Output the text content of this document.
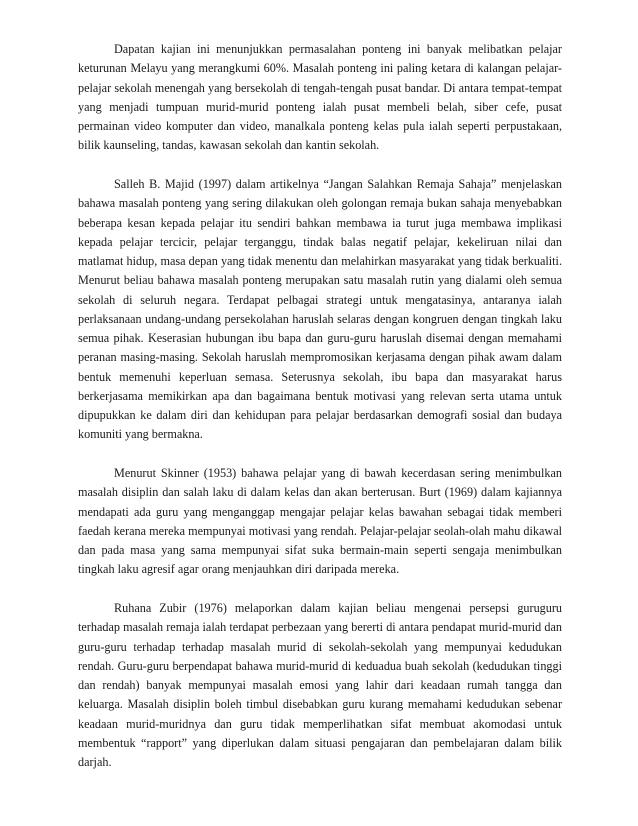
Dapatan kajian ini menunjukkan permasalahan ponteng ini banyak melibatkan pelajar keturunan Melayu yang merangkumi 60%. Masalah ponteng ini paling ketara di kalangan pelajar-pelajar sekolah menengah yang bersekolah di tengah-tengah pusat bandar. Di antara tempat-tempat yang menjadi tumpuan murid-murid ponteng ialah pusat membeli belah, siber cefe, pusat permainan video komputer dan video, manalkala ponteng kelas pula ialah seperti perpustakaan, bilik kaunseling, tandas, kawasan sekolah dan kantin sekolah.

Salleh B. Majid (1997) dalam artikelnya “Jangan Salahkan Remaja Sahaja” menjelaskan bahawa masalah ponteng yang sering dilakukan oleh golongan remaja bukan sahaja menyebabkan beberapa kesan kepada pelajar itu sendiri bahkan membawa ia turut juga membawa implikasi kepada pelajar tercicir, pelajar terganggu, tindak balas negatif pelajar, kekeliruan nilai dan matlamat hidup, masa depan yang tidak menentu dan melahirkan masyarakat yang tidak berkualiti. Menurut beliau bahawa masalah ponteng merupakan satu masalah rutin yang dialami oleh semua sekolah di seluruh negara. Terdapat pelbagai strategi untuk mengatasinya, antaranya ialah perlaksanaan undang-undang persekolahan haruslah selaras dengan kongruen dengan tingkah laku semua pihak. Keserasian hubungan ibu bapa dan guru-guru haruslah disemai dengan memahami peranan masing-masing. Sekolah haruslah mempromosikan kerjasama dengan pihak awam dalam bentuk memenuhi keperluan semasa. Seterusnya sekolah, ibu bapa dan masyarakat harus berkerjasama memikirkan apa dan bagaimana bentuk motivasi yang relevan serta utama untuk dipupukkan ke dalam diri dan kehidupan para pelajar berdasarkan demografi sosial dan budaya komuniti yang bermakna.

Menurut Skinner (1953) bahawa pelajar yang di bawah kecerdasan sering menimbulkan masalah disiplin dan salah laku di dalam kelas dan akan berterusan. Burt (1969) dalam kajiannya mendapati ada guru yang menganggap mengajar pelajar kelas bawahan sebagai tidak memberi faedah kerana mereka mempunyai motivasi yang rendah. Pelajar-pelajar seolah-olah mahu dikawal dan pada masa yang sama mempunyai sifat suka bermain-main seperti sengaja menimbulkan tingkah laku agresif agar orang menjauhkan diri daripada mereka.

Ruhana Zubir (1976) melaporkan dalam kajian beliau mengenai persepsi guruguru terhadap masalah remaja ialah terdapat perbezaan yang bererti di antara pendapat murid-murid dan guru-guru terhadap terhadap masalah murid di sekolah-sekolah yang mempunyai kedudukan rendah. Guru-guru berpendapat bahawa murid-murid di keduadua buah sekolah (kedudukan tinggi dan rendah) banyak mempunyai masalah emosi yang lahir dari keadaan rumah tangga dan keluarga. Masalah disiplin boleh timbul disebabkan guru kurang memahami kedudukan sebenar keadaan murid-muridnya dan guru tidak memperlihatkan sifat membuat akomodasi untuk membentuk “rapport” yang diperlukan dalam situasi pengajaran dan pembelajaran dalam bilik darjah.
